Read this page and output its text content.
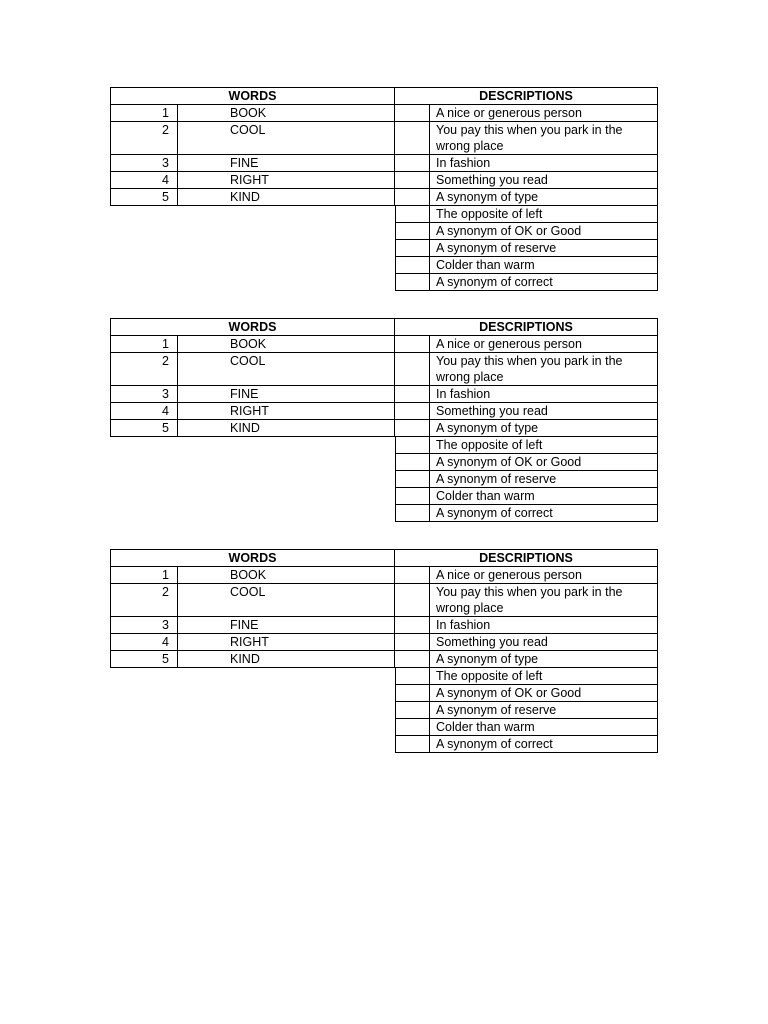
WORDS	DESCRIPTIONS
1	BOOK	A nice or generous person
2	COOL	You pay this when you park in the wrong place
3	FINE	In fashion
4	RIGHT	Something you read
5	KIND	A synonym of type
The opposite of left
A synonym of OK or Good
A synonym of reserve
Colder than warm
A synonym of correct
WORDS	DESCRIPTIONS
1	BOOK	A nice or generous person
2	COOL	You pay this when you park in the wrong place
3	FINE	In fashion
4	RIGHT	Something you read
5	KIND	A synonym of type
The opposite of left
A synonym of OK or Good
A synonym of reserve
Colder than warm
A synonym of correct
WORDS	DESCRIPTIONS
1	BOOK	A nice or generous person
2	COOL	You pay this when you park in the wrong place
3	FINE	In fashion
4	RIGHT	Something you read
5	KIND	A synonym of type
The opposite of left
A synonym of OK or Good
A synonym of reserve
Colder than warm
A synonym of correct
